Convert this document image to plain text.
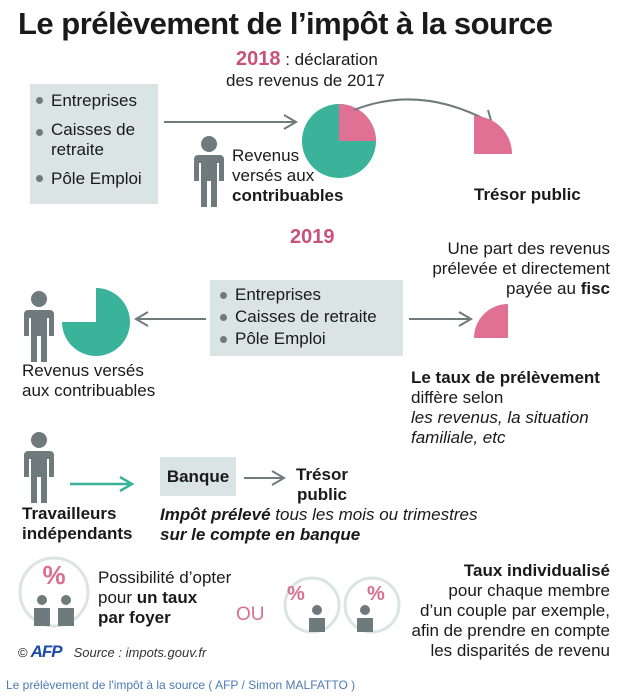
Le prélèvement de l’impôt à la source
2018 : déclaration
des revenus de 2017
Entreprises
Caisses de
retraite
Pôle Emploi
Revenus
versés aux
contribuables	Trésor public
2019
Une part des revenus
prélevée et directement
payée au fisc
Revenus versés
aux contribuables
Entreprises
Caisses de retraite
Pôle Emploi
Le taux de prélèvement
diffère selon
les revenus, la situation
familiale, etc
Travailleurs
indépendants
Banque	Trésor
public
Impôt prélevé tous les mois ou trimestres
sur le compte en banque
%	Possibilité d’opter
pour un taux
par foyer	OU
%	%
Taux individualisé
pour chaque membre
d’un couple par exemple,
afin de prendre en compte
les disparités de revenu
© AFP Source : impots.gouv.fr
Le prélèvement de l'impôt à la source ( AFP / Simon MALFATTO )
